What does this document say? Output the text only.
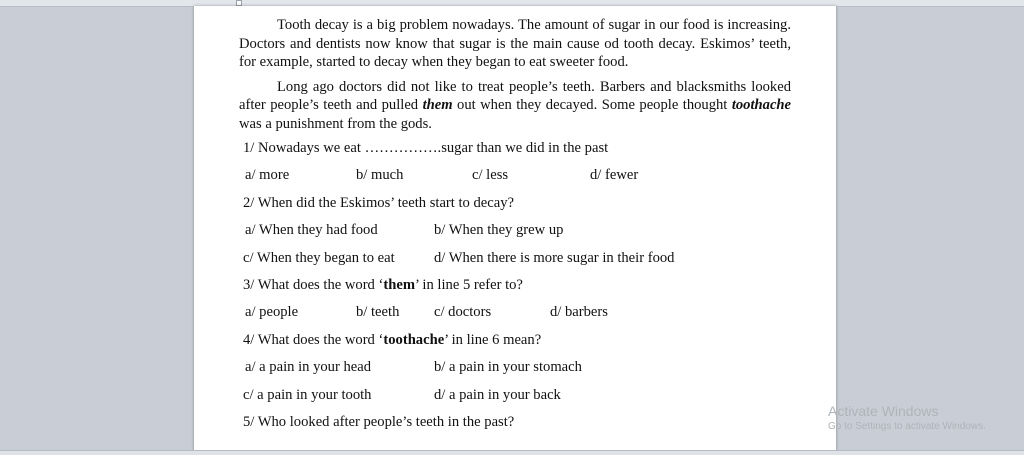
Tooth decay is a big problem nowadays. The amount of sugar in our food is increasing. Doctors and dentists now know that sugar is the main cause od tooth decay. Eskimos’ teeth, for example, started to decay when they began to eat sweeter food.

Long ago doctors did not like to treat people’s teeth. Barbers and blacksmiths looked after people’s teeth and pulled them out when they decayed. Some people thought toothache was a punishment from the gods.

1/ Nowadays we eat …………….sugar than we did in the past
a/ more	b/ much	c/ less	d/ fewer
2/ When did the Eskimos’ teeth start to decay?
a/ When they had food	b/ When they grew up
c/ When they began to eat	d/ When there is more sugar in their food
3/ What does the word ‘them’ in line 5 refer to?
a/ people	b/ teeth c/ doctors	d/ barbers
4/ What does the word ‘toothache’ in line 6 mean?
a/ a pain in your head	b/ a pain in your stomach
c/ a pain in your tooth	d/ a pain in your back
5/ Who looked after people’s teeth in the past?
Activate Windows
Go to Settings to activate Windows.
